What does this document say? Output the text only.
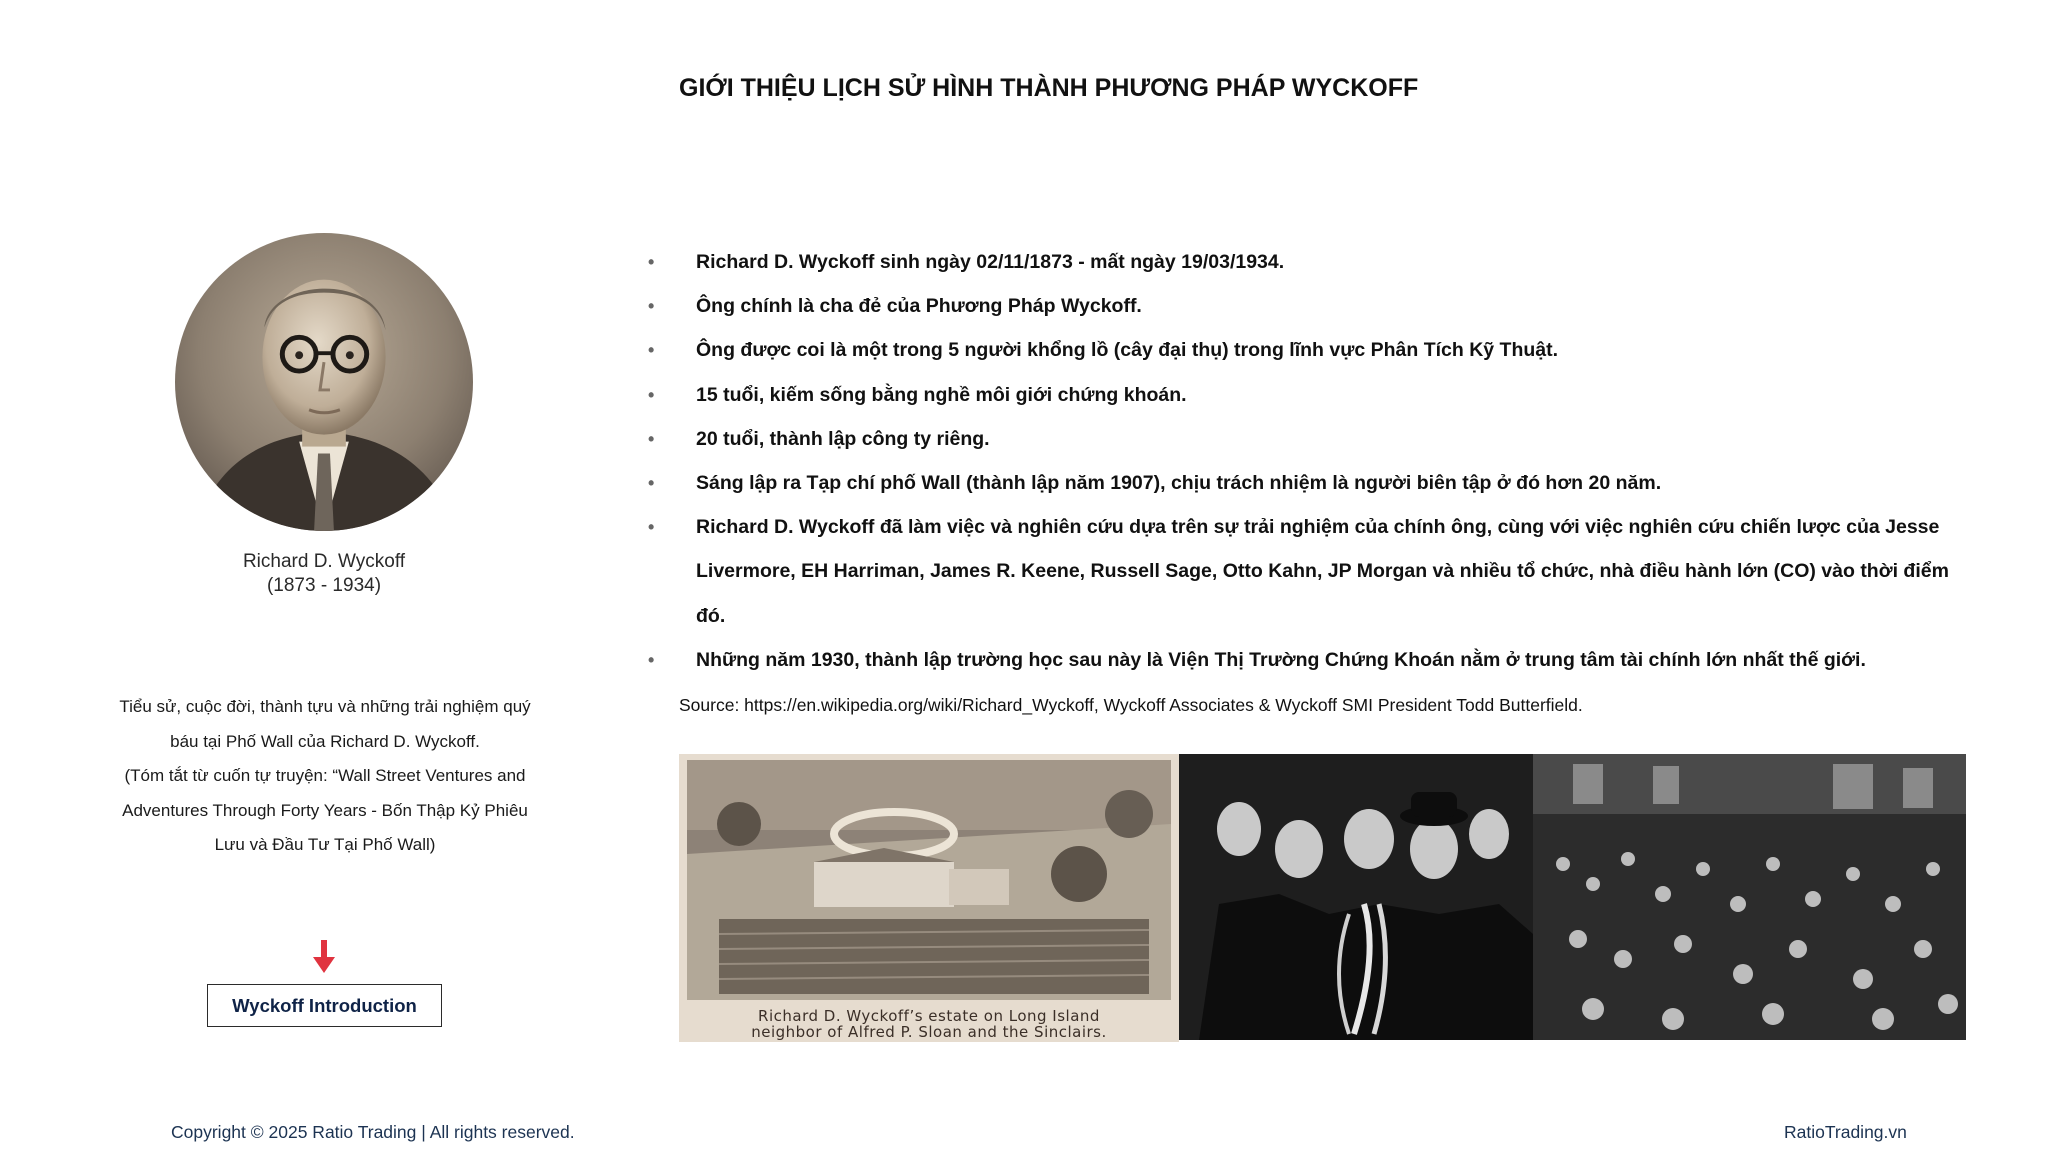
GIỚI THIỆU LỊCH SỬ HÌNH THÀNH PHƯƠNG PHÁP WYCKOFF
Richard D. Wyckoff
(1873 - 1934)
• Richard D. Wyckoff sinh ngày 02/11/1873 - mất ngày 19/03/1934.
• Ông chính là cha đẻ của Phương Pháp Wyckoff.
• Ông được coi là một trong 5 người khổng lồ (cây đại thụ) trong lĩnh vực Phân Tích Kỹ Thuật.
• 15 tuổi, kiếm sống bằng nghề môi giới chứng khoán.
• 20 tuổi, thành lập công ty riêng.
• Sáng lập ra Tạp chí phố Wall (thành lập năm 1907), chịu trách nhiệm là người biên tập ở đó hơn 20 năm.
• Richard D. Wyckoff đã làm việc và nghiên cứu dựa trên sự trải nghiệm của chính ông, cùng với việc nghiên cứu chiến lược của Jesse Livermore, EH Harriman, James R. Keene, Russell Sage, Otto Kahn, JP Morgan và nhiều tổ chức, nhà điều hành lớn (CO) vào thời điểm đó.
• Những năm 1930, thành lập trường học sau này là Viện Thị Trường Chứng Khoán nằm ở trung tâm tài chính lớn nhất thế giới.
Tiểu sử, cuộc đời, thành tựu và những trải nghiệm quý
báu tại Phố Wall của Richard D. Wyckoff.
(Tóm tắt từ cuốn tự truyện: “Wall Street Ventures and
Adventures Through Forty Years - Bốn Thập Kỷ Phiêu
Lưu và Đầu Tư Tại Phố Wall)
Wyckoff Introduction
Source: https://en.wikipedia.org/wiki/Richard_Wyckoff, Wyckoff Associates & Wyckoff SMI President Todd Butterfield.
Richard D. Wyckoff’s estate on Long Island
neighbor of Alfred P. Sloan and the Sinclairs.
Copyright © 2025 Ratio Trading | All rights reserved.	RatioTrading.vn
